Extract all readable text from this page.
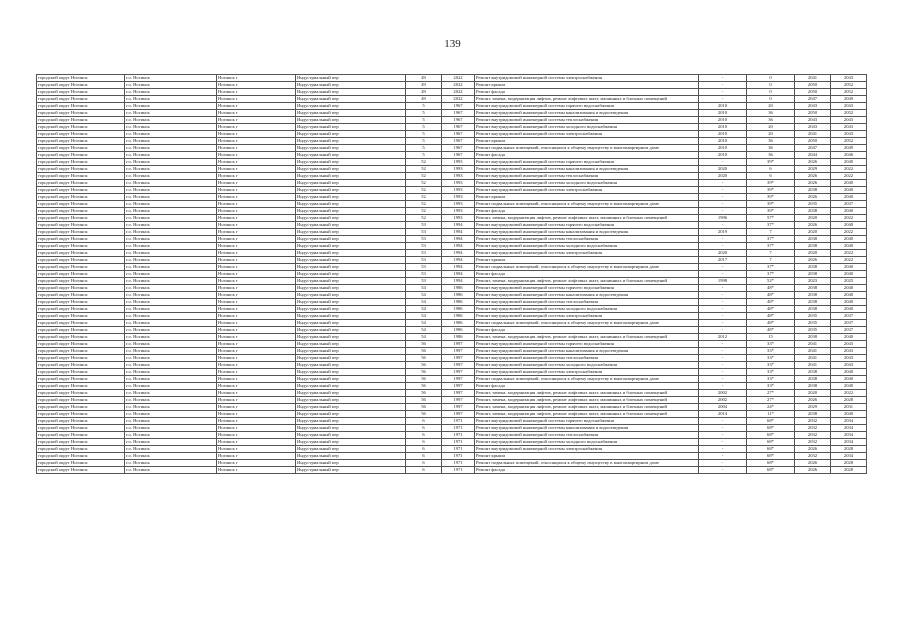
139
городской округ Ногинск	г.о. Ногинск	Ногинск г	Индустриальный пер	49	2022	Ремонт внутридомовой инженерной системы электроснабжения	-	0	2041	2043
городской округ Ногинск	г.о. Ногинск	Ногинск г	Индустриальный пер	49	2022	Ремонт крыши	-	0	2050	2052
городской округ Ногинск	г.о. Ногинск	Ногинск г	Индустриальный пер	49	2022	Ремонт фасада	-	0	2050	2052
городской округ Ногинск	г.о. Ногинск	Ногинск г	Индустриальный пер	49	2022	Ремонт, замена, модернизация лифтов, ремонт лифтовых шахт, машинных и блочных помещений	-	0	2047	2049
городской округ Ногинск	г.о. Ногинск	Ногинск г	Индустриальный пер	5	1967	Ремонт внутридомовой инженерной системы горячего водоснабжения	2010	20	2043	2043
городской округ Ногинск	г.о. Ногинск	Ногинск г	Индустриальный пер	5	1967	Ремонт внутридомовой инженерной системы канализования и водоотведения	2010	36	2050	2052
городской округ Ногинск	г.о. Ногинск	Ногинск г	Индустриальный пер	5	1967	Ремонт внутридомовой инженерной системы теплоснабжения	2010	36	2043	2043
городской округ Ногинск	г.о. Ногинск	Ногинск г	Индустриальный пер	5	1967	Ремонт внутридомовой инженерной системы холодного водоснабжения	2010	20	2043	2043
городской округ Ногинск	г.о. Ногинск	Ногинск г	Индустриальный пер	5	1967	Ремонт внутридомовой инженерной системы электроснабжения	2010	20	2041	2043
городской округ Ногинск	г.о. Ногинск	Ногинск г	Индустриальный пер	5	1967	Ремонт крыши	2010	36	2050	2052
городской округ Ногинск	г.о. Ногинск	Ногинск г	Индустриальный пер	5	1967	Ремонт подвальных помещений, относящихся к общему имуществу в многоквартирном доме	2010	36	2047	2049
городской округ Ногинск	г.о. Ногинск	Ногинск г	Индустриальный пер	5	1967	Ремонт фасада	2010	36	2044	2046
городской округ Ногинск	г.о. Ногинск	Ногинск г	Индустриальный пер	52	1993	Ремонт внутридомовой инженерной системы горячего водоснабжения	-	39*	2026	2040
городской округ Ногинск	г.о. Ногинск	Ногинск г	Индустриальный пер	52	1993	Ремонт внутридомовой инженерной системы канализования и водоотведения	2020	6	2029	2022
городской округ Ногинск	г.о. Ногинск	Ногинск г	Индустриальный пер	52	1993	Ремонт внутридомовой инженерной системы теплоснабжения	2020	6	2026	2022
городской округ Ногинск	г.о. Ногинск	Ногинск г	Индустриальный пер	52	1993	Ремонт внутридомовой инженерной системы холодного водоснабжения	-	39*	2026	2040
городской округ Ногинск	г.о. Ногинск	Ногинск г	Индустриальный пер	52	1993	Ремонт внутридомовой инженерной системы электроснабжения	-	39*	2038	2040
городской округ Ногинск	г.о. Ногинск	Ногинск г	Индустриальный пер	52	1993	Ремонт крыши	-	39*	2026	2040
городской округ Ногинск	г.о. Ногинск	Ногинск г	Индустриальный пер	52	1993	Ремонт подвальных помещений, относящихся к общему имуществу в многоквартирном доме	-	39*	2035	2037
городской округ Ногинск	г.о. Ногинск	Ногинск г	Индустриальный пер	52	1993	Ремонт фасада	-	39*	2038	2040
городской округ Ногинск	г.о. Ногинск	Ногинск г	Индустриальный пер	52	1993	Ремонт, замена, модернизация лифтов, ремонт лифтовых шахт, машинных и блочных помещений	1996	57*	2020	2022
городской округ Ногинск	г.о. Ногинск	Ногинск г	Индустриальный пер	53	1994	Ремонт внутридомовой инженерной системы горячего водоснабжения	-	37*	2026	2040
городской округ Ногинск	г.о. Ногинск	Ногинск г	Индустриальный пер	53	1994	Ремонт внутридомовой инженерной системы канализования и водоотведения	2019	7	2020	2022
городской округ Ногинск	г.о. Ногинск	Ногинск г	Индустриальный пер	53	1994	Ремонт внутридомовой инженерной системы теплоснабжения	-	37*	2038	2040
городской округ Ногинск	г.о. Ногинск	Ногинск г	Индустриальный пер	53	1994	Ремонт внутридомовой инженерной системы холодного водоснабжения	-	37*	2038	2040
городской округ Ногинск	г.о. Ногинск	Ногинск г	Индустриальный пер	53	1994	Ремонт внутридомовой инженерной системы электроснабжения	2020	7	2020	2022
городской округ Ногинск	г.о. Ногинск	Ногинск г	Индустриальный пер	53	1994	Ремонт крыши	2017	7	2026	2022
городской округ Ногинск	г.о. Ногинск	Ногинск г	Индустриальный пер	53	1994	Ремонт подвальных помещений, относящихся к общему имуществу в многоквартирном доме	-	37*	2038	2040
городской округ Ногинск	г.о. Ногинск	Ногинск г	Индустриальный пер	53	1994	Ремонт фасада	-	37*	2038	2040
городской округ Ногинск	г.о. Ногинск	Ногинск г	Индустриальный пер	53	1994	Ремонт, замена, модернизация лифтов, ремонт лифтовых шахт, машинных и блочных помещений	1998	52*	2023	2025
городской округ Ногинск	г.о. Ногинск	Ногинск г	Индустриальный пер	54	1986	Ремонт внутридомовой инженерной системы горячего водоснабжения	-	48*	2038	2040
городской округ Ногинск	г.о. Ногинск	Ногинск г	Индустриальный пер	54	1986	Ремонт внутридомовой инженерной системы канализования и водоотведения	-	48*	2038	2040
городской округ Ногинск	г.о. Ногинск	Ногинск г	Индустриальный пер	54	1986	Ремонт внутридомовой инженерной системы теплоснабжения	-	48*	2038	2040
городской округ Ногинск	г.о. Ногинск	Ногинск г	Индустриальный пер	54	1986	Ремонт внутридомовой инженерной системы холодного водоснабжения	-	48*	2038	2040
городской округ Ногинск	г.о. Ногинск	Ногинск г	Индустриальный пер	54	1986	Ремонт внутридомовой инженерной системы электроснабжения	-	48*	2035	2037
городской округ Ногинск	г.о. Ногинск	Ногинск г	Индустриальный пер	54	1986	Ремонт подвальных помещений, относящихся к общему имуществу в многоквартирном доме	-	48*	2035	2037
городской округ Ногинск	г.о. Ногинск	Ногинск г	Индустриальный пер	54	1986	Ремонт фасада	-	48*	2035	2037
городской округ Ногинск	г.о. Ногинск	Ногинск г	Индустриальный пер	54	1986	Ремонт, замена, модернизация лифтов, ремонт лифтовых шахт, машинных и блочных помещений	2012	15	2038	2040
городской округ Ногинск	г.о. Ногинск	Ногинск г	Индустриальный пер	56	1997	Ремонт внутридомовой инженерной системы горячего водоснабжения	-	33*	2041	2043
городской округ Ногинск	г.о. Ногинск	Ногинск г	Индустриальный пер	56	1997	Ремонт внутридомовой инженерной системы канализования и водоотведения	-	33*	2041	2043
городской округ Ногинск	г.о. Ногинск	Ногинск г	Индустриальный пер	56	1997	Ремонт внутридомовой инженерной системы теплоснабжения	-	33*	2041	2043
городской округ Ногинск	г.о. Ногинск	Ногинск г	Индустриальный пер	56	1997	Ремонт внутридомовой инженерной системы холодного водоснабжения	-	33*	2041	2043
городской округ Ногинск	г.о. Ногинск	Ногинск г	Индустриальный пер	56	1997	Ремонт внутридомовой инженерной системы электроснабжения	-	33*	2038	2040
городской округ Ногинск	г.о. Ногинск	Ногинск г	Индустриальный пер	56	1997	Ремонт подвальных помещений, относящихся к общему имуществу в многоквартирном доме	-	33*	2038	2040
городской округ Ногинск	г.о. Ногинск	Ногинск г	Индустриальный пер	56	1997	Ремонт фасада	-	33*	2038	2040
городской округ Ногинск	г.о. Ногинск	Ногинск г	Индустриальный пер	56	1997	Ремонт, замена, модернизация лифтов, ремонт лифтовых шахт, машинных и блочных помещений	2002	27*	2020	2022
городской округ Ногинск	г.о. Ногинск	Ногинск г	Индустриальный пер	56	1997	Ремонт, замена, модернизация лифтов, ремонт лифтовых шахт, машинных и блочных помещений	2002	27*	2026	2028
городской округ Ногинск	г.о. Ногинск	Ногинск г	Индустриальный пер	56	1997	Ремонт, замена, модернизация лифтов, ремонт лифтовых шахт, машинных и блочных помещений	2004	24*	2029	2031
городской округ Ногинск	г.о. Ногинск	Ногинск г	Индустриальный пер	56	1997	Ремонт, замена, модернизация лифтов, ремонт лифтовых шахт, машинных и блочных помещений	2014	11*	2038	2040
городской округ Ногинск	г.о. Ногинск	Ногинск г	Индустриальный пер	6	1971	Ремонт внутридомовой инженерной системы горячего водоснабжения	-	68*	2032	2034
городской округ Ногинск	г.о. Ногинск	Ногинск г	Индустриальный пер	6	1971	Ремонт внутридомовой инженерной системы канализования и водоотведения	-	68*	2032	2034
городской округ Ногинск	г.о. Ногинск	Ногинск г	Индустриальный пер	6	1971	Ремонт внутридомовой инженерной системы теплоснабжения	-	68*	2032	2034
городской округ Ногинск	г.о. Ногинск	Ногинск г	Индустриальный пер	6	1971	Ремонт внутридомовой инженерной системы холодного водоснабжения	-	68*	2032	2034
городской округ Ногинск	г.о. Ногинск	Ногинск г	Индустриальный пер	6	1971	Ремонт внутридомовой инженерной системы электроснабжения	-	68*	2026	2028
городской округ Ногинск	г.о. Ногинск	Ногинск г	Индустриальный пер	6	1971	Ремонт крыши	-	68*	2032	2034
городской округ Ногинск	г.о. Ногинск	Ногинск г	Индустриальный пер	6	1971	Ремонт подвальных помещений, относящихся к общему имуществу в многоквартирном доме	-	68*	2026	2028
городской округ Ногинск	г.о. Ногинск	Ногинск г	Индустриальный пер	6	1971	Ремонт фасада	-	68*	2026	2028
